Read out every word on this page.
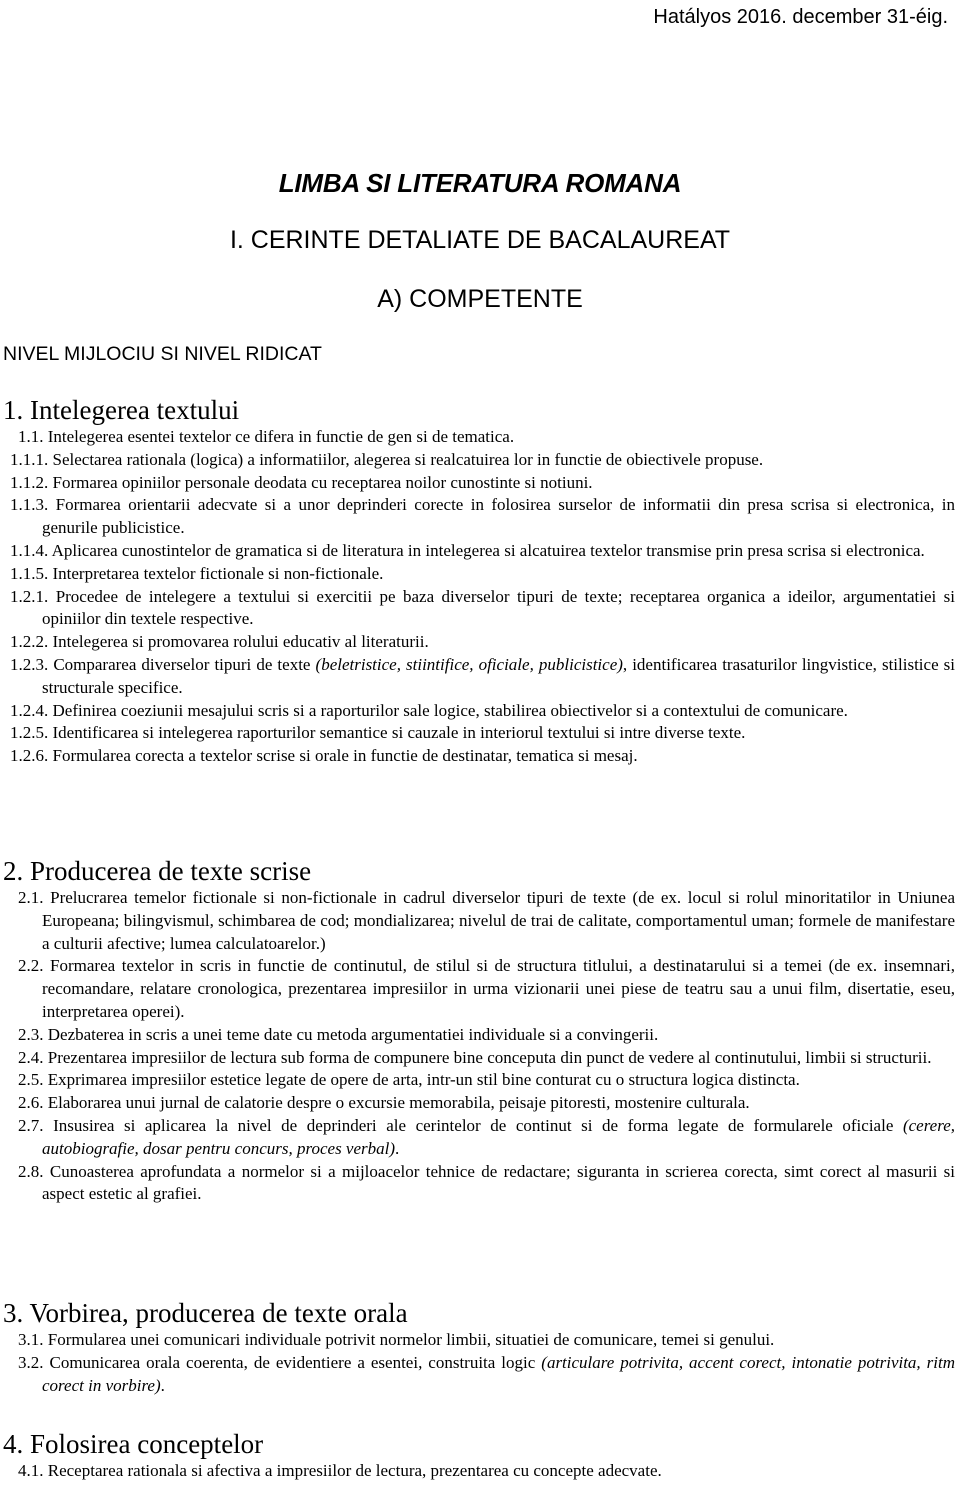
Hatályos 2016. december 31-éig.
LIMBA SI LITERATURA ROMANA
I. CERINTE DETALIATE DE BACALAUREAT
A) COMPETENTE
NIVEL MIJLOCIU SI NIVEL RIDICAT
1. Intelegerea textului
1.1. Intelegerea esentei textelor ce difera in functie de gen si de tematica.
1.1.1. Selectarea rationala (logica) a informatiilor, alegerea si realcatuirea lor in functie de obiectivele propuse.
1.1.2. Formarea opiniilor personale deodata cu receptarea noilor cunostinte si notiuni.
1.1.3. Formarea orientarii adecvate si a unor deprinderi corecte in folosirea surselor de informatii din presa scrisa si electronica, in genurile publicistice.
1.1.4. Aplicarea cunostintelor de gramatica si de literatura in intelegerea si alcatuirea textelor transmise prin presa scrisa si electronica.
1.1.5. Interpretarea textelor fictionale si non-fictionale.
1.2.1. Procedee de intelegere a textului si exercitii pe baza diverselor tipuri de texte; receptarea organica a ideilor, argumentatiei si opiniilor din textele respective.
1.2.2. Intelegerea si promovarea rolului educativ al literaturii.
1.2.3. Compararea diverselor tipuri de texte (beletristice, stiintifice, oficiale, publicistice), identificarea trasaturilor lingvistice, stilistice si structurale specifice.
1.2.4. Definirea coeziunii mesajului scris si a raporturilor sale logice, stabilirea obiectivelor si a contextului de comunicare.
1.2.5. Identificarea si intelegerea raporturilor semantice si cauzale in interiorul textului si intre diverse texte.
1.2.6. Formularea corecta a textelor scrise si orale in functie de destinatar, tematica si mesaj.
2. Producerea de texte scrise
2.1. Prelucrarea temelor fictionale si non-fictionale in cadrul diverselor tipuri de texte (de ex. locul si rolul minoritatilor in Uniunea Europeana; bilingvismul, schimbarea de cod; mondializarea; nivelul de trai de calitate, comportamentul uman; formele de manifestare a culturii afective; lumea calculatoarelor.)
2.2. Formarea textelor in scris in functie de continutul, de stilul si de structura titlului, a destinatarului si a temei (de ex. insemnari, recomandare, relatare cronologica, prezentarea impresiilor in urma vizionarii unei piese de teatru sau a unui film, disertatie, eseu, interpretarea operei).
2.3. Dezbaterea in scris a unei teme date cu metoda argumentatiei individuale si a convingerii.
2.4. Prezentarea impresiilor de lectura sub forma de compunere bine conceputa din punct de vedere al continutului, limbii si structurii.
2.5. Exprimarea impresiilor estetice legate de opere de arta, intr-un stil bine conturat cu o structura logica distincta.
2.6. Elaborarea unui jurnal de calatorie despre o excursie memorabila, peisaje pitoresti, mostenire culturala.
2.7. Insusirea si aplicarea la nivel de deprinderi ale cerintelor de continut si de forma legate de formularele oficiale (cerere, autobiografie, dosar pentru concurs, proces verbal).
2.8. Cunoasterea aprofundata a normelor si a mijloacelor tehnice de redactare; siguranta in scrierea corecta, simt corect al masurii si aspect estetic al grafiei.
3. Vorbirea, producerea de texte orala
3.1. Formularea unei comunicari individuale potrivit normelor limbii, situatiei de comunicare, temei si genului.
3.2. Comunicarea orala coerenta, de evidentiere a esentei, construita logic (articulare potrivita, accent corect, intonatie potrivita, ritm corect in vorbire).
4. Folosirea conceptelor
4.1. Receptarea rationala si afectiva a impresiilor de lectura, prezentarea cu concepte adecvate.
